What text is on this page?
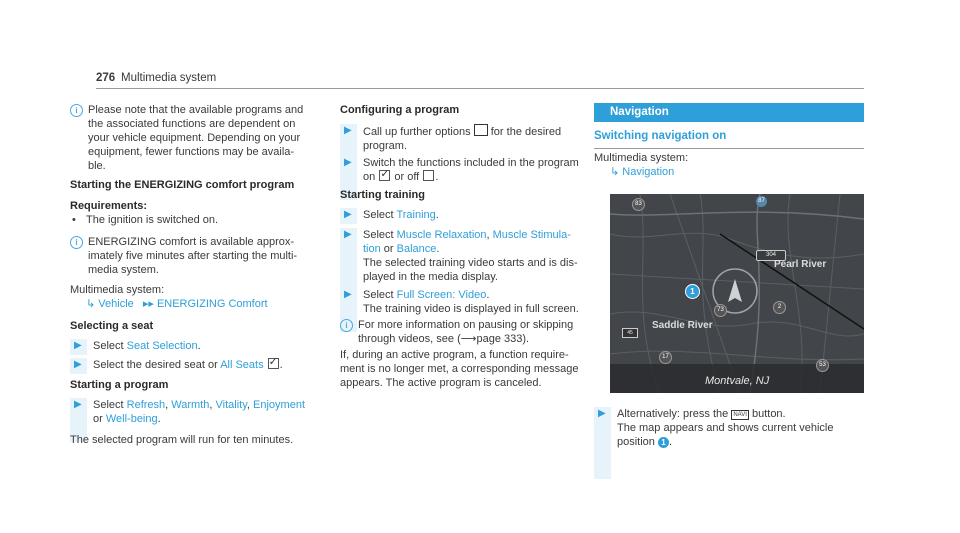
276 Multimedia system
i Please note that the available programs and
the associated functions are dependent on
your vehicle equipment. Depending on your
equipment, fewer functions may be availa-
ble.
Starting the ENERGIZING comfort program
Requirements:
• The ignition is switched on.
i ENERGIZING comfort is available approx-
imately five minutes after starting the multi-
media system.
Multimedia system:
↳ Vehicle ▸▸ ENERGIZING Comfort
Selecting a seat
▶ Select Seat Selection.
▶ Select the desired seat or All Seats ✓ .
Starting a program
▶ Select Refresh, Warmth, Vitality, Enjoyment
or Well-being.
The selected program will run for ten minutes.
Configuring a program
▶ Call up further options for the desired
program.
▶ Switch the functions included in the program
on ✓ or off .
Starting training
▶ Select Training.
▶ Select Muscle Relaxation, Muscle Stimula-
tion or Balance.
The selected training video starts and is dis-
played in the media display.
▶ Select Full Screen: Video.
The training video is displayed in full screen.
i For more information on pausing or skipping
through videos, see (⟶page 333).
If, during an active program, a function require-
ment is no longer met, a corresponding message
appears. The active program is canceled.
Navigation
Switching navigation on
Multimedia system:
↳ Navigation
304
87
83
73	2
17
53
45
Pearl River
Saddle River
1
Montvale, NJ
▶ Alternatively: press the NAVI button.
The map appears and shows current vehicle
position 1 .
